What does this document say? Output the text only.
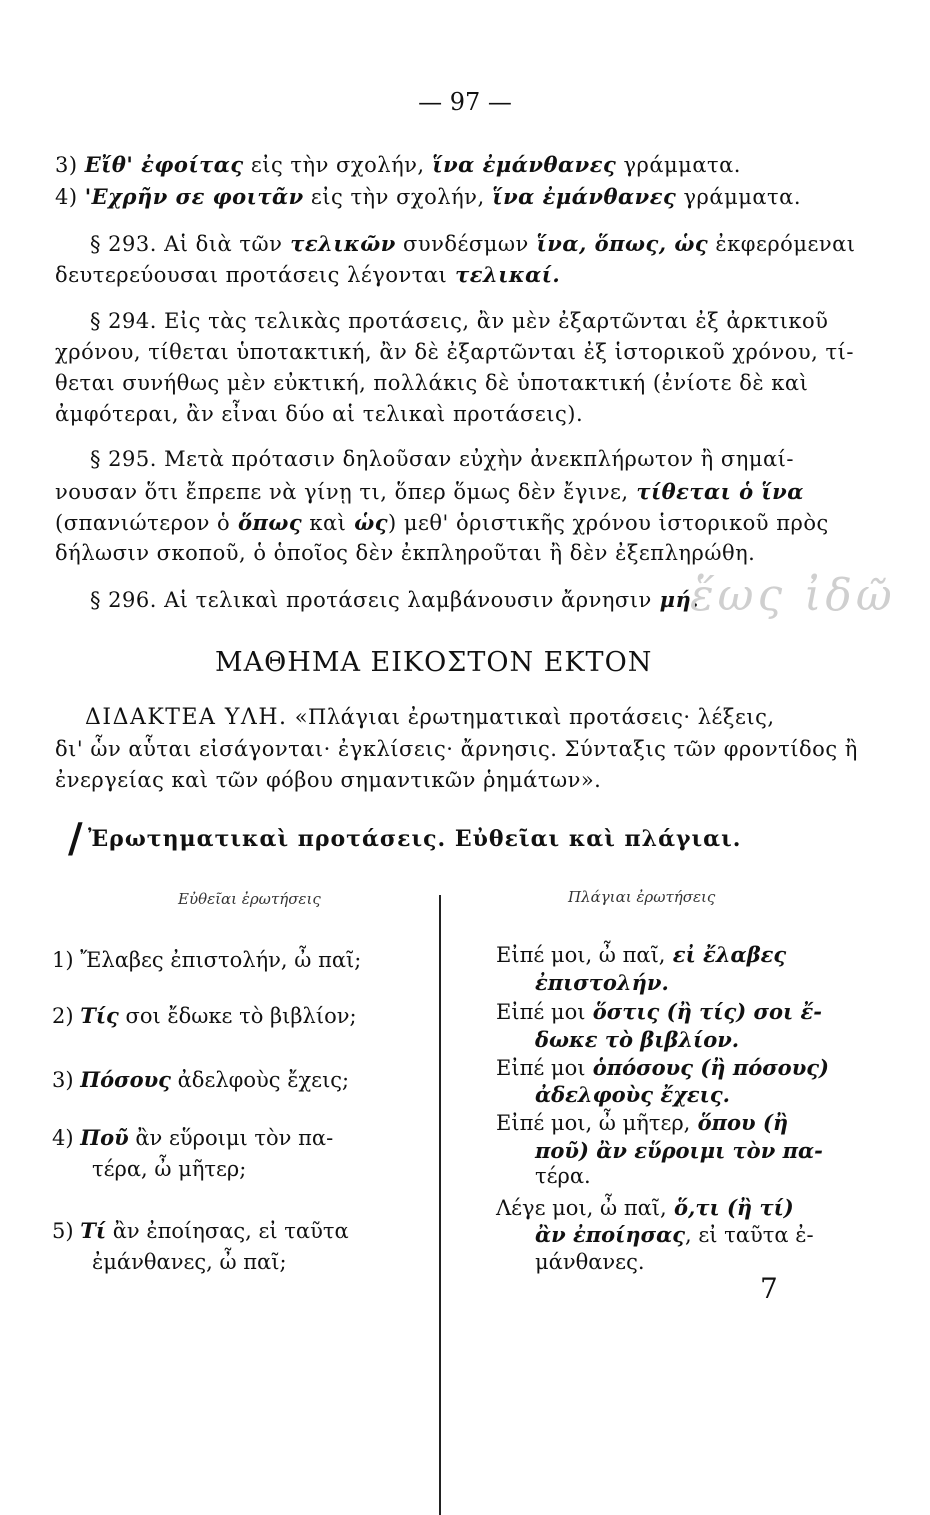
— 97 —
3) Εἴθ' ἐφοίτας εἰς τὴν σχολήν, ἵνα ἐμάνθανες γράμματα.
4) 'Εχρῆν σε φοιτᾶν εἰς τὴν σχολήν, ἵνα ἐμάνθανες γράμματα.
§ 293. Αἱ διὰ τῶν τελικῶν συνδέσμων ἵνα, ὅπως, ὡς ἐκφερόμεναι
δευτερεύουσαι προτάσεις λέγονται τελικαί.
§ 294. Εἰς τὰς τελικὰς προτάσεις, ἂν μὲν ἐξαρτῶνται ἐξ ἀρκτικοῦ
χρόνου, τίθεται ὑποτακτική, ἂν δὲ ἐξαρτῶνται ἐξ ἱστορικοῦ χρόνου, τί-
θεται συνήθως μὲν εὐκτική, πολλάκις δὲ ὑποτακτική (ἐνίοτε δὲ καὶ
ἀμφότεραι, ἂν εἶναι δύο αἱ τελικαὶ προτάσεις).
§ 295. Μετὰ πρότασιν δηλοῦσαν εὐχὴν ἀνεκπλήρωτον ἢ σημαί-
νουσαν ὅτι ἔπρεπε νὰ γίνῃ τι, ὅπερ ὅμως δὲν ἔγινε, τίθεται ὁ ἵνα
(σπανιώτερον ὁ ὅπως καὶ ὡς) μεθ' ὁριστικῆς χρόνου ἱστορικοῦ πρὸς
δήλωσιν σκοποῦ, ὁ ὁποῖος δὲν ἐκπληροῦται ἢ δὲν ἐξεπληρώθη.
§ 296. Αἱ τελικαὶ προτάσεις λαμβάνουσιν ἄρνησιν μή.
ἕως ἰδῶ
ΜΑΘΗΜΑ ΕΙΚΟΣΤΟΝ ΕΚΤΟΝ
ΔΙΔΑΚΤΕΑ ΥΛΗ. «Πλάγιαι ἐρωτηματικαὶ προτάσεις· λέξεις,
δι' ὧν αὗται εἰσάγονται· ἐγκλίσεις· ἄρνησις. Σύνταξις τῶν φροντίδος ἢ
ἐνεργείας καὶ τῶν φόβου σημαντικῶν ῥημάτων».
/ Ἐρωτηματικαὶ προτάσεις. Εὐθεῖαι καὶ πλάγιαι.
Εὐθεῖαι ἐρωτήσεις	Πλάγιαι ἐρωτήσεις
1) Ἔλαβες ἐπιστολήν, ὦ παῖ;
2) Τίς σοι ἔδωκε τὸ βιβλίον;
3) Πόσους ἀδελφοὺς ἔχεις;
4) Ποῦ ἂν εὕροιμι τὸν πα-
τέρα, ὦ μῆτερ;
5) Τί ἂν ἐποίησας, εἰ ταῦτα
ἐμάνθανες, ὦ παῖ;
Εἰπέ μοι, ὦ παῖ, εἰ ἔλαβες
ἐπιστολήν.
Εἰπέ μοι ὅστις (ἢ τίς) σοι ἔ-
δωκε τὸ βιβλίον.
Εἰπέ μοι ὁπόσους (ἢ πόσους)
ἀδελφοὺς ἔχεις.
Εἰπέ μοι, ὦ μῆτερ, ὅπου (ἢ
ποῦ) ἂν εὕροιμι τὸν πα-
τέρα.
Λέγε μοι, ὦ παῖ, ὅ,τι (ἢ τί)
ἂν ἐποίησας, εἰ ταῦτα ἐ-
μάνθανες.
7
